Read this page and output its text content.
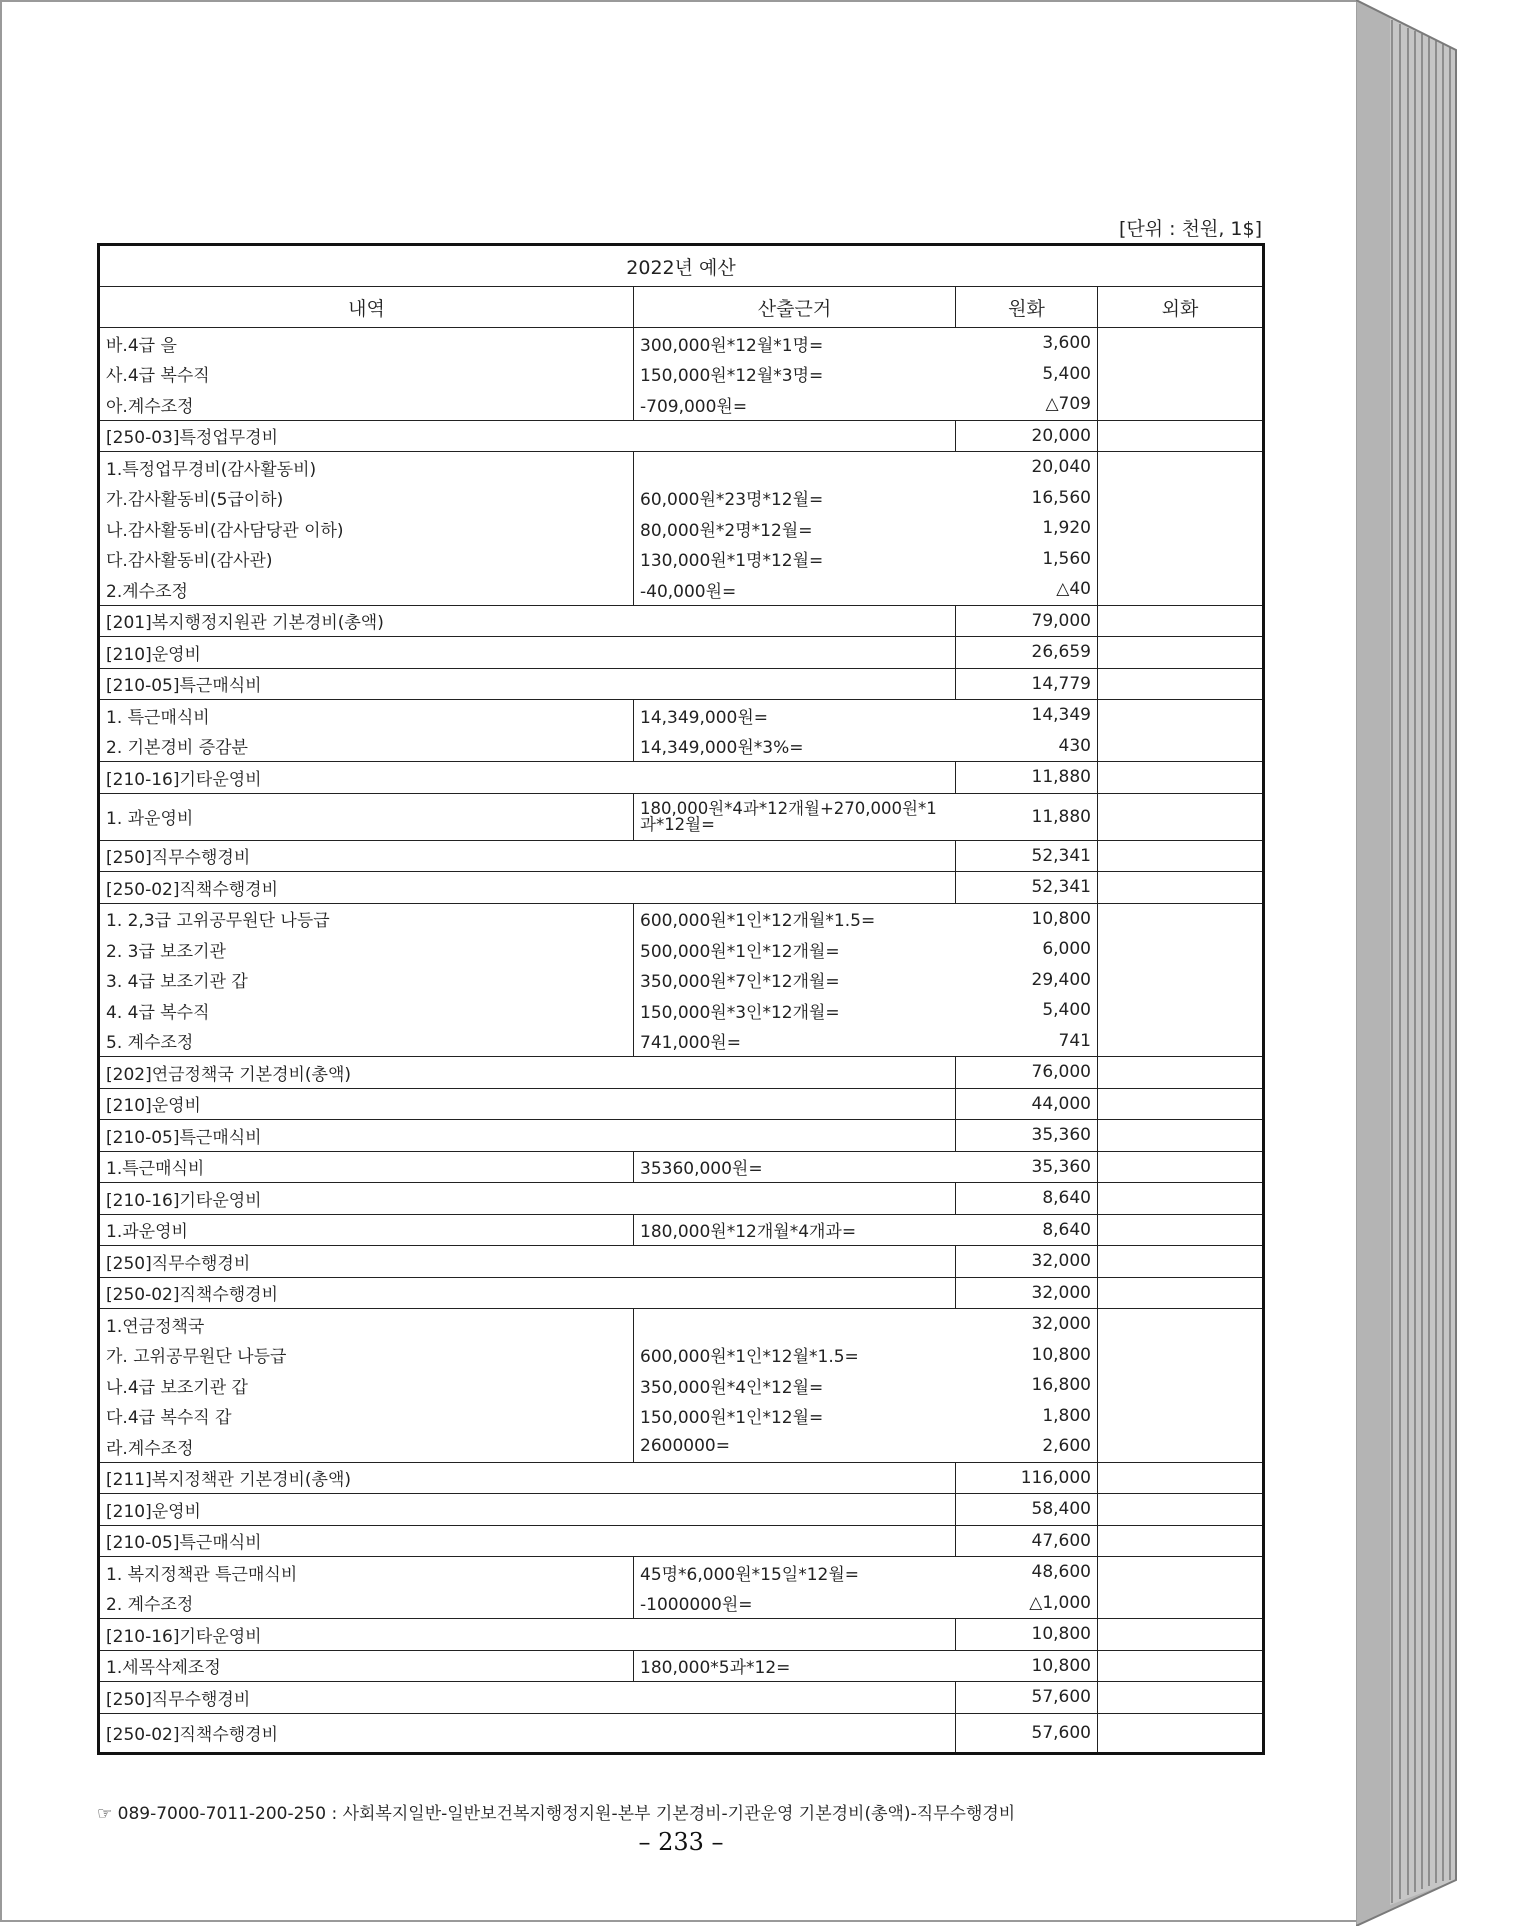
[단위 : 천원, 1$]
2022년 예산			
내역	산출근거	원화	외화
바.4급 을	300,000원*12월*1명=	3,600	
사.4급 복수직	150,000원*12월*3명=	5,400	
아.계수조정	-709,000원=	△709	
[250-03]특정업무경비		20,000	
1.특정업무경비(감사활동비)		20,040	
가.감사활동비(5급이하)	60,000원*23명*12월=	16,560	
나.감사활동비(감사담당관 이하)	80,000원*2명*12월=	1,920	
다.감사활동비(감사관)	130,000원*1명*12월=	1,560	
2.계수조정	-40,000원=	△40	
[201]복지행정지원관 기본경비(총액)		79,000	
[210]운영비		26,659	
[210-05]특근매식비		14,779	
1. 특근매식비	14,349,000원=	14,349	
2. 기본경비 증감분	14,349,000원*3%=	430	
[210-16]기타운영비		11,880	
1. 과운영비	180,000원*4과*12개월+270,000원*1과*12월=	11,880	
[250]직무수행경비		52,341	
[250-02]직책수행경비		52,341	
1. 2,3급 고위공무원단 나등급	600,000원*1인*12개월*1.5=	10,800	
2. 3급 보조기관	500,000원*1인*12개월=	6,000	
3. 4급 보조기관 갑	350,000원*7인*12개월=	29,400	
4. 4급 복수직	150,000원*3인*12개월=	5,400	
5. 계수조정	741,000원=	741	
[202]연금정책국 기본경비(총액)		76,000	
[210]운영비		44,000	
[210-05]특근매식비		35,360	
1.특근매식비	35360,000원=	35,360	
[210-16]기타운영비		8,640	
1.과운영비	180,000원*12개월*4개과=	8,640	
[250]직무수행경비		32,000	
[250-02]직책수행경비		32,000	
1.연금정책국		32,000	
가. 고위공무원단 나등급	600,000원*1인*12월*1.5=	10,800	
나.4급 보조기관 갑	350,000원*4인*12월=	16,800	
다.4급 복수직 갑	150,000원*1인*12월=	1,800	
라.계수조정	2600000=	2,600	
[211]복지정책관 기본경비(총액)		116,000	
[210]운영비		58,400	
[210-05]특근매식비		47,600	
1. 복지정책관 특근매식비	45명*6,000원*15일*12월=	48,600	
2. 계수조정	-1000000원=	△1,000	
[210-16]기타운영비		10,800	
1.세목삭제조정	180,000*5과*12=	10,800	
[250]직무수행경비		57,600	
[250-02]직책수행경비		57,600	
☞ 089-7000-7011-200-250 : 사회복지일반-일반보건복지행정지원-본부 기본경비-기관운영 기본경비(총액)-직무수행경비
– 233 –
